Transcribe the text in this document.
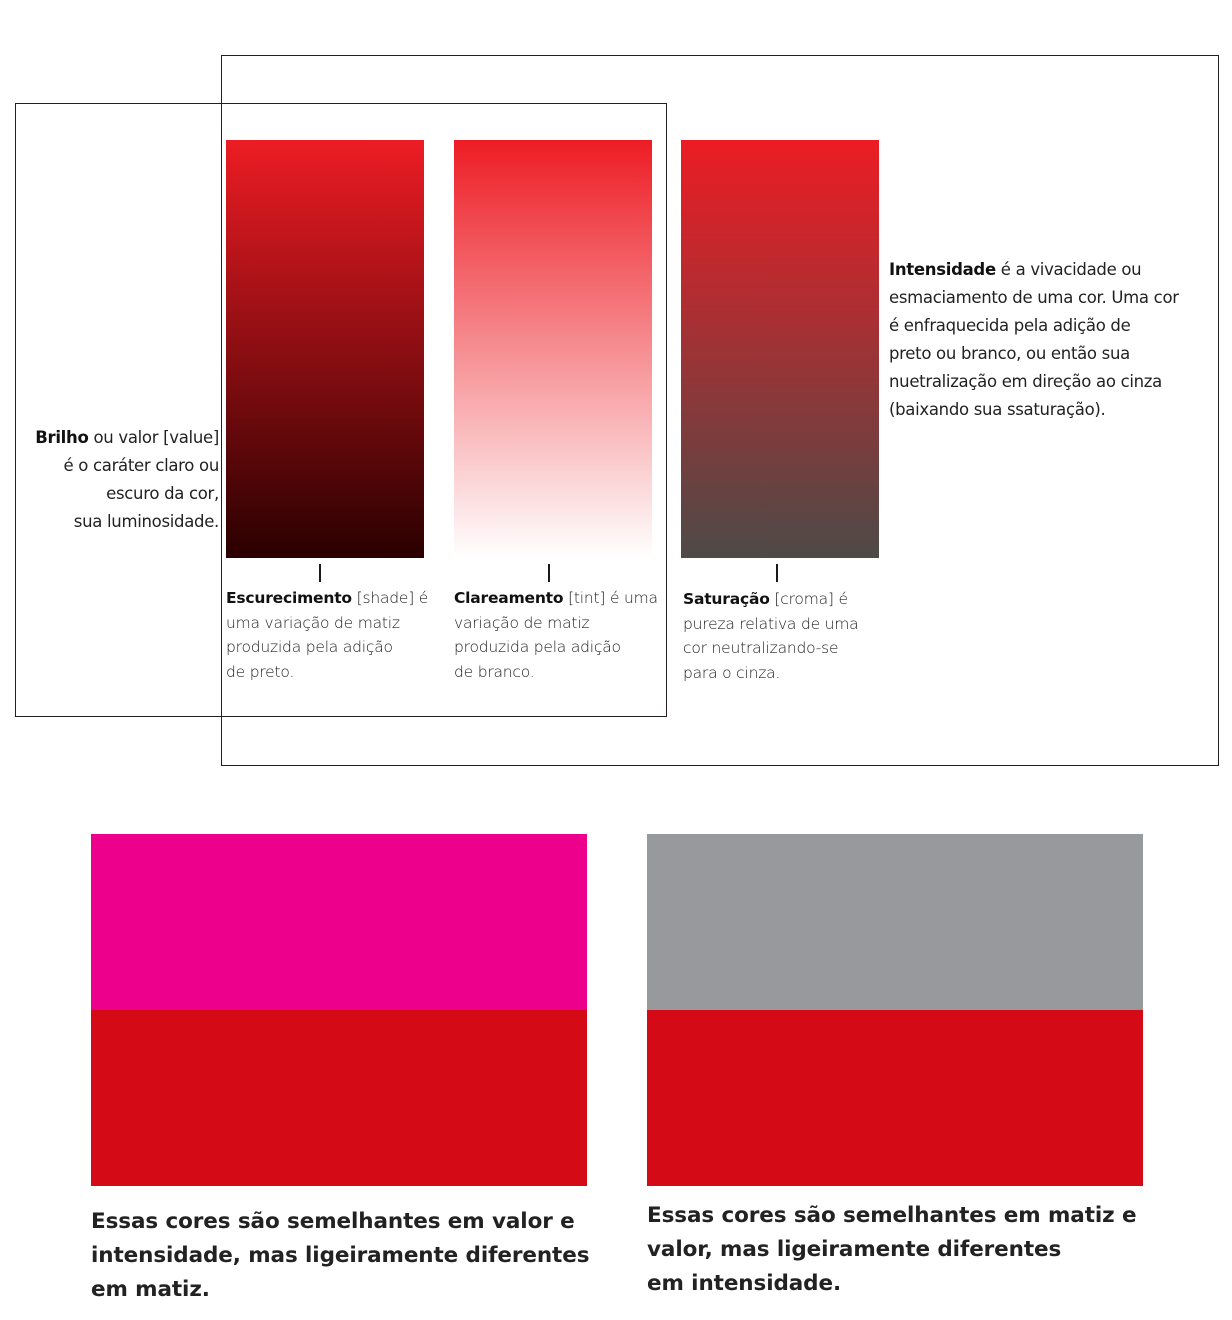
Escurecimento [shade] é
uma variação de matiz
produzida pela adição
de preto.
Clareamento [tint] é uma
variação de matiz
produzida pela adição
de branco.
Saturação [croma] é
pureza relativa de uma
cor neutralizando-se
para o cinza.
Brilho ou valor [value]
é o caráter claro ou
escuro da cor,
sua luminosidade.
Intensidade é a vivacidade ou
esmaciamento de uma cor. Uma cor
é enfraquecida pela adição de
preto ou branco, ou então sua
nuetralização em direção ao cinza
(baixando sua ssaturação).
Essas cores são semelhantes em valor e
intensidade, mas ligeiramente diferentes
em matiz.
Essas cores são semelhantes em matiz e
valor, mas ligeiramente diferentes
em intensidade.
